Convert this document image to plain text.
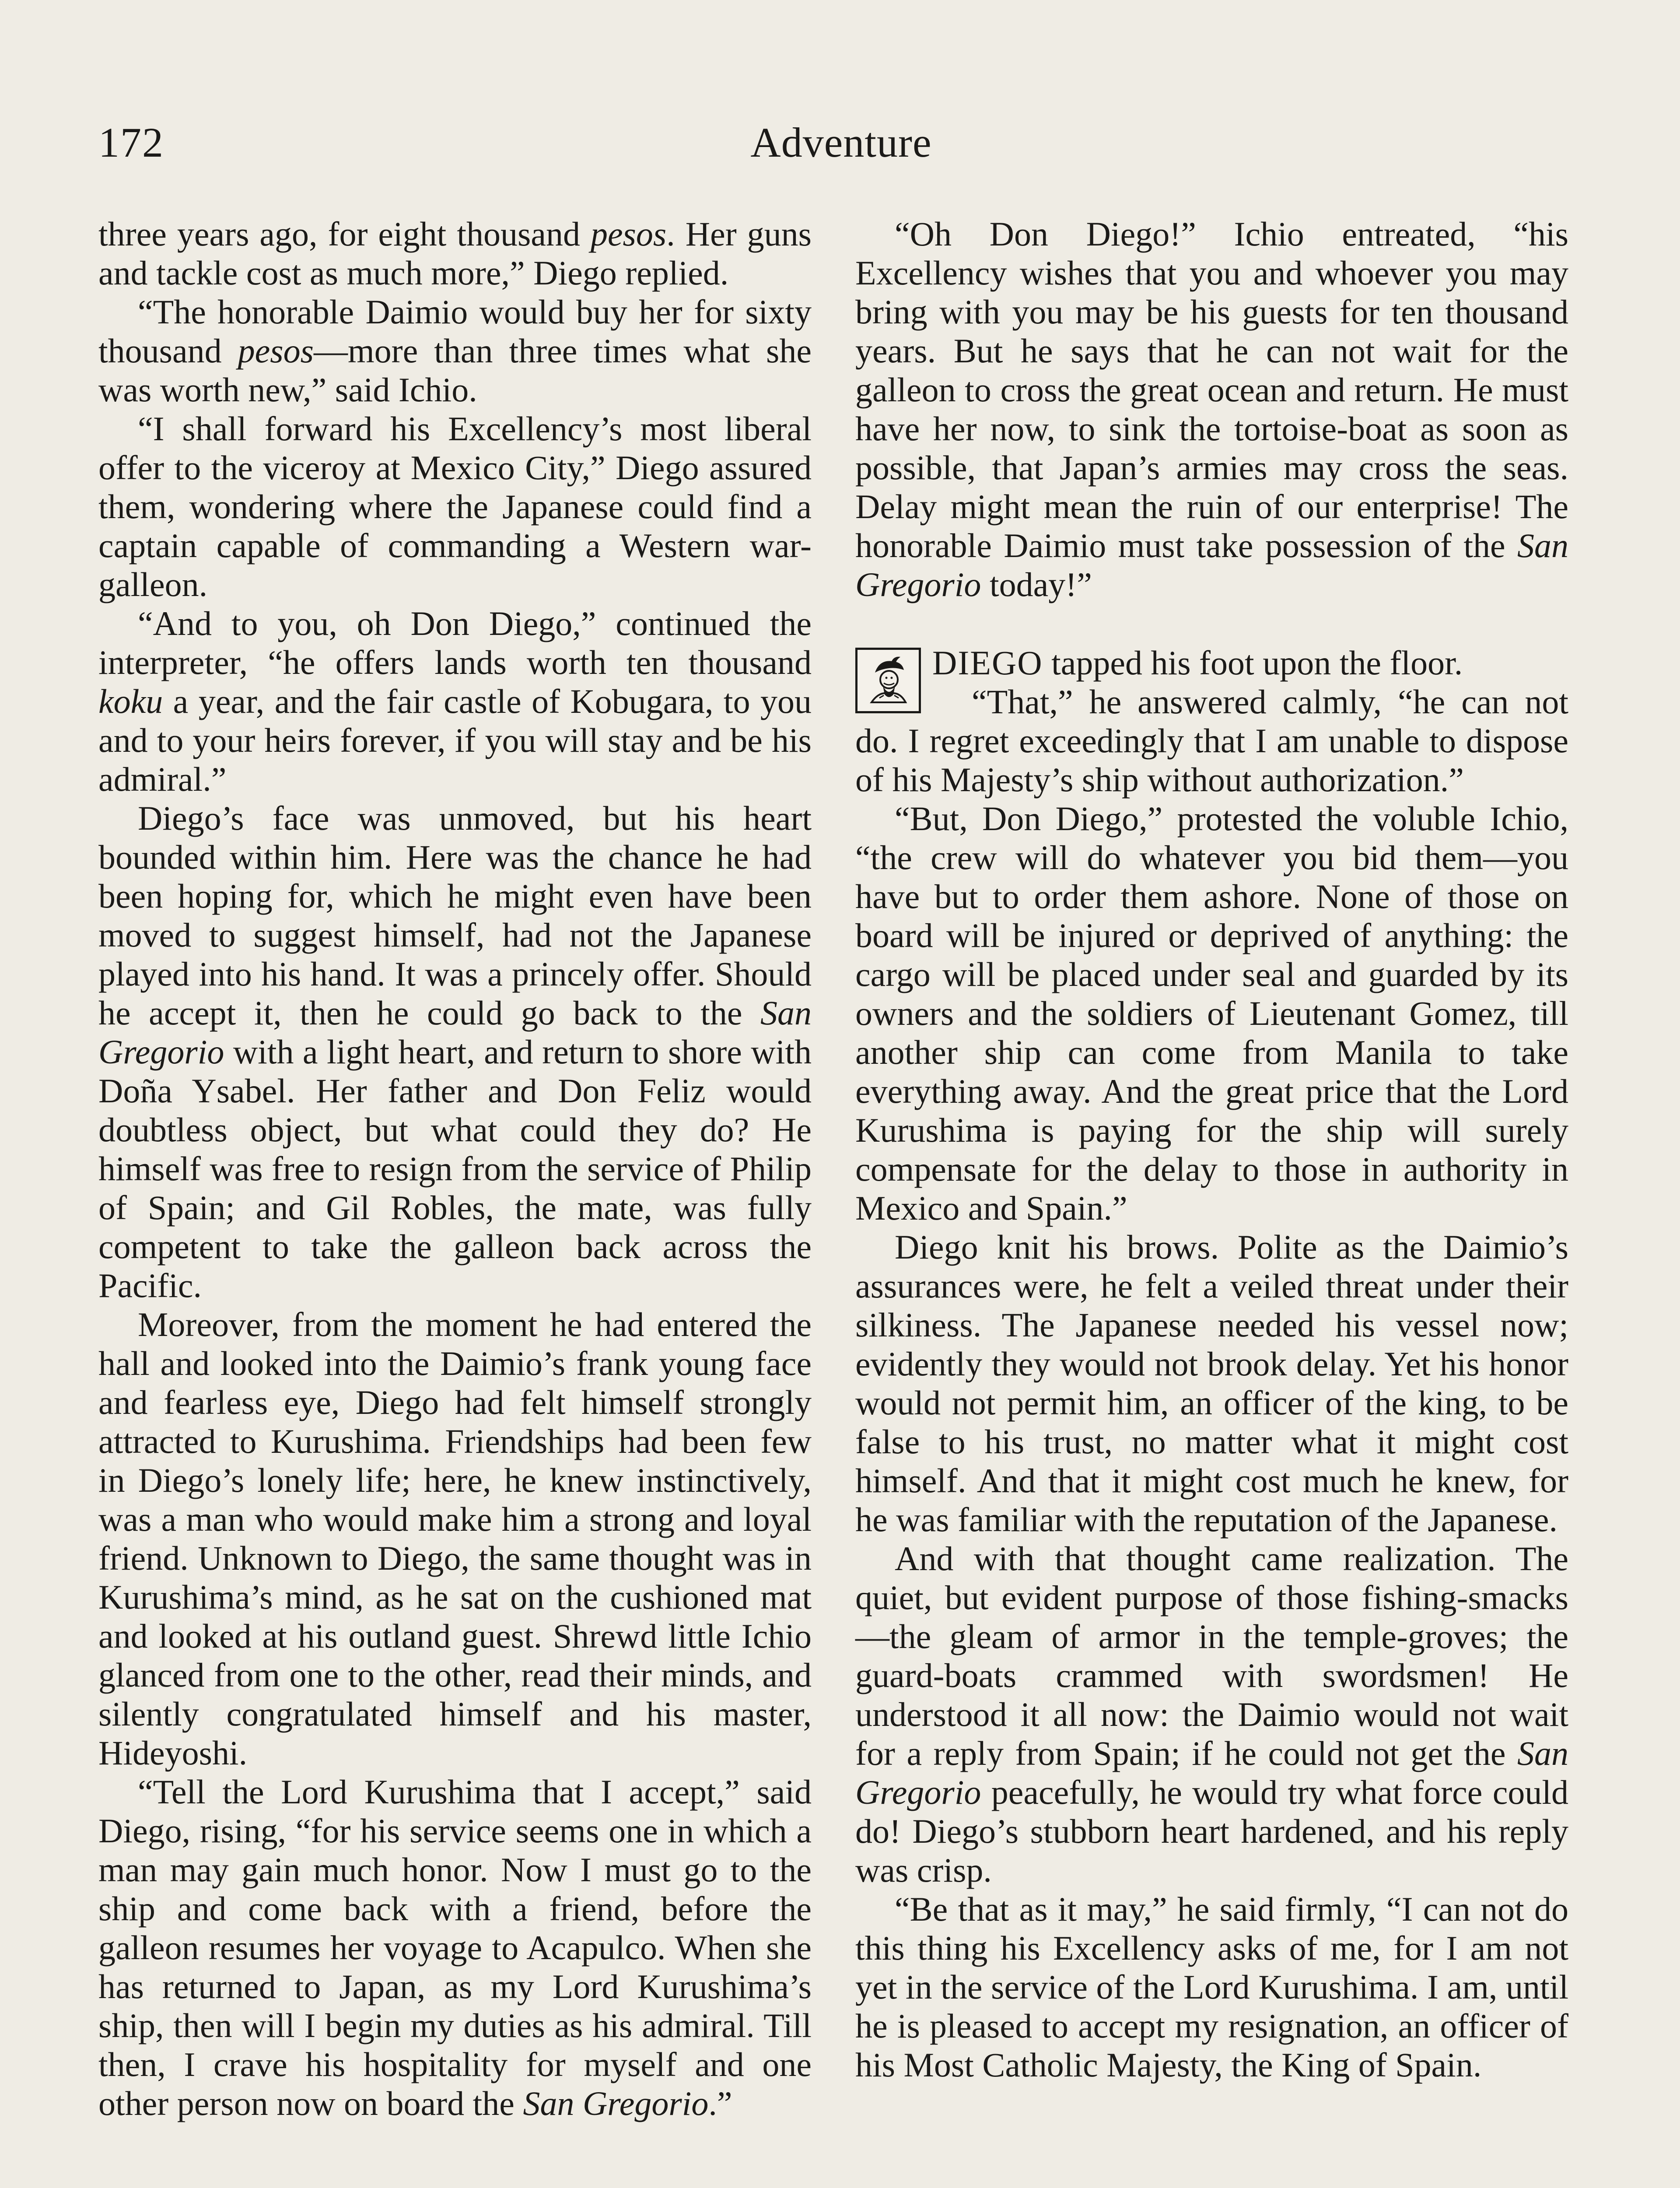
172	Adventure

three years ago, for eight thousand pesos. Her guns and tackle cost as much more,” Diego replied.

“The honorable Daimio would buy her for sixty thousand pesos—more than three times what she was worth new,” said Ichio.

“I shall forward his Excellency’s most liberal offer to the viceroy at Mexico City,” Diego assured them, wondering where the Japanese could find a captain capable of commanding a Western war-galleon.

“And to you, oh Don Diego,” continued the interpreter, “he offers lands worth ten thousand koku a year, and the fair castle of Kobugara, to you and to your heirs forever, if you will stay and be his admiral.”

Diego’s face was unmoved, but his heart bounded within him. Here was the chance he had been hoping for, which he might even have been moved to suggest himself, had not the Japanese played into his hand. It was a princely offer. Should he accept it, then he could go back to the San Gregorio with a light heart, and return to shore with Doña Ysabel. Her father and Don Feliz would doubtless object, but what could they do? He himself was free to resign from the service of Philip of Spain; and Gil Robles, the mate, was fully competent to take the galleon back across the Pacific.

Moreover, from the moment he had entered the hall and looked into the Daimio’s frank young face and fearless eye, Diego had felt himself strongly attracted to Kurushima. Friendships had been few in Diego’s lonely life; here, he knew instinctively, was a man who would make him a strong and loyal friend. Unknown to Diego, the same thought was in Kurushima’s mind, as he sat on the cushioned mat and looked at his outland guest. Shrewd little Ichio glanced from one to the other, read their minds, and silently congratulated himself and his master, Hideyoshi.

“Tell the Lord Kurushima that I accept,” said Diego, rising, “for his service seems one in which a man may gain much honor. Now I must go to the ship and come back with a friend, before the galleon resumes her voyage to Acapulco. When she has returned to Japan, as my Lord Kurushima’s ship, then will I begin my duties as his admiral. Till then, I crave his hospitality for myself and one other person now on board the San Gregorio.”

“Oh Don Diego!” Ichio entreated, “his Excellency wishes that you and whoever you may bring with you may be his guests for ten thousand years. But he says that he can not wait for the galleon to cross the great ocean and return. He must have her now, to sink the tortoise-boat as soon as possible, that Japan’s armies may cross the seas. Delay might mean the ruin of our enterprise! The honorable Daimio must take possession of the San Gregorio today!”

DIEGO tapped his foot upon the floor.

“That,” he answered calmly, “he can not do. I regret exceedingly that I am unable to dispose of his Majesty’s ship without authorization.”

“But, Don Diego,” protested the voluble Ichio, “the crew will do whatever you bid them—you have but to order them ashore. None of those on board will be injured or deprived of anything: the cargo will be placed under seal and guarded by its owners and the soldiers of Lieutenant Gomez, till another ship can come from Manila to take everything away. And the great price that the Lord Kurushima is paying for the ship will surely compensate for the delay to those in authority in Mexico and Spain.”

Diego knit his brows. Polite as the Daimio’s assurances were, he felt a veiled threat under their silkiness. The Japanese needed his vessel now; evidently they would not brook delay. Yet his honor would not permit him, an officer of the king, to be false to his trust, no matter what it might cost himself. And that it might cost much he knew, for he was familiar with the reputation of the Japanese.

And with that thought came realization. The quiet, but evident purpose of those fishing-smacks—the gleam of armor in the temple-groves; the guard-boats crammed with swordsmen! He understood it all now: the Daimio would not wait for a reply from Spain; if he could not get the San Gregorio peacefully, he would try what force could do! Diego’s stubborn heart hardened, and his reply was crisp.

“Be that as it may,” he said firmly, “I can not do this thing his Excellency asks of me, for I am not yet in the service of the Lord Kurushima. I am, until he is pleased to accept my resignation, an officer of his Most Catholic Majesty, the King of Spain.
